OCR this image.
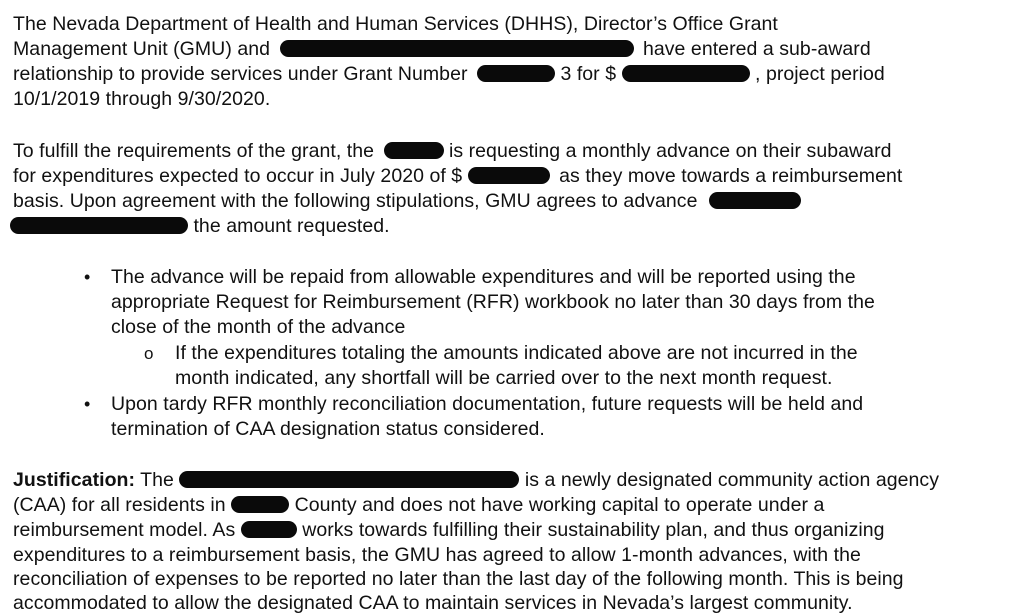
The Nevada Department of Health and Human Services (DHHS), Director’s Office Grant
Management Unit (GMU) and	have entered a sub-award
relationship to provide services under Grant Number	3 for $	, project period
10/1/2019 through 9/30/2020.
To fulfill the requirements of the grant, the	is requesting a monthly advance on their subaward
for expenditures expected to occur in July 2020 of $	as they move towards a reimbursement
basis. Upon agreement with the following stipulations, GMU agrees to advance
the amount requested.
• The advance will be repaid from allowable expenditures and will be reported using the
appropriate Request for Reimbursement (RFR) workbook no later than 30 days from the
close of the month of the advance
o If the expenditures totaling the amounts indicated above are not incurred in the
month indicated, any shortfall will be carried over to the next month request.
• Upon tardy RFR monthly reconciliation documentation, future requests will be held and
termination of CAA designation status considered.
Justification: The	is a newly designated community action agency
(CAA) for all residents in	County and does not have working capital to operate under a
reimbursement model. As	works towards fulfilling their sustainability plan, and thus organizing
expenditures to a reimbursement basis, the GMU has agreed to allow 1-month advances, with the
reconciliation of expenses to be reported no later than the last day of the following month. This is being
accommodated to allow the designated CAA to maintain services in Nevada’s largest community.
